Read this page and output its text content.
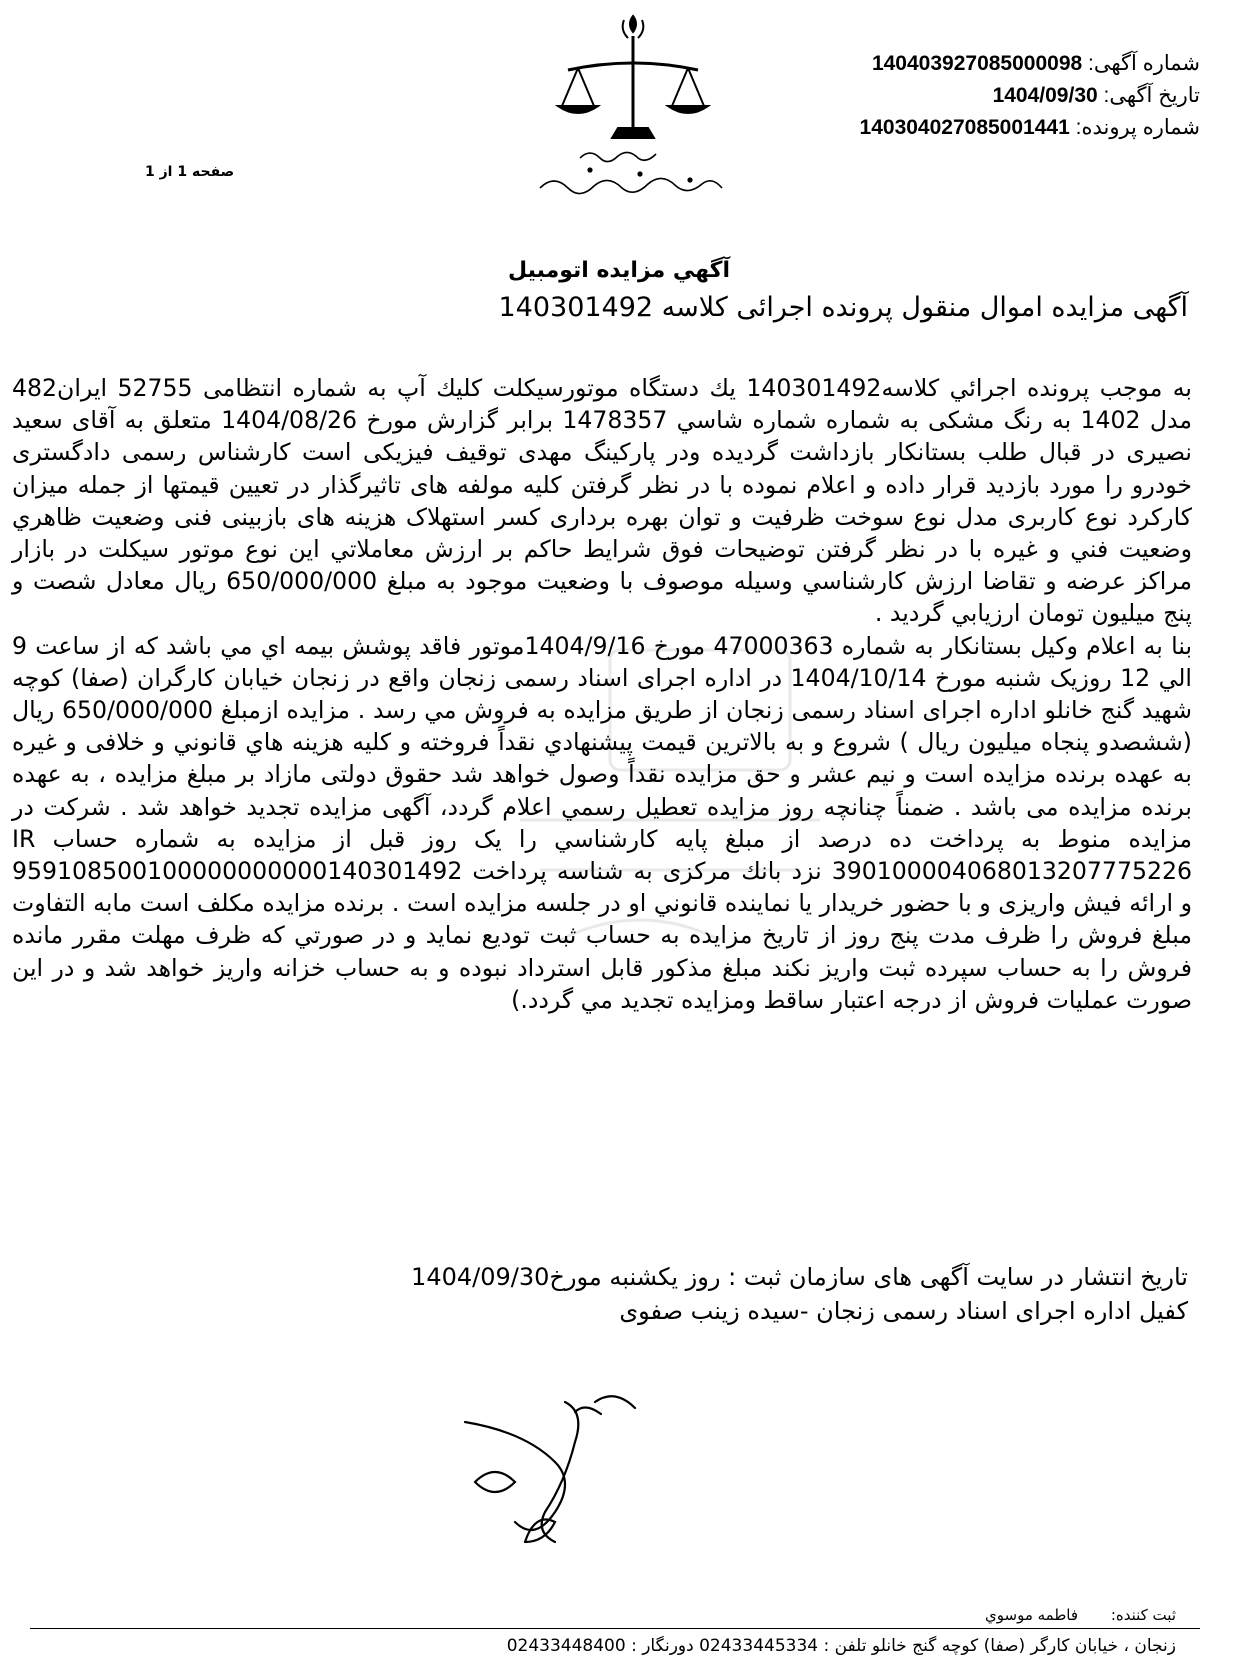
شماره آگهی: 140403927085000098
تاریخ آگهی: 1404/09/30
شماره پرونده: 14030402708500144‌1
صفحه 1 از 1
آگهي مزايده اتومبيل
آگهی مزایده اموال منقول پرونده اجرائی کلاسه 140301492

به موجب پرونده اجرائي كلاسه140301492 يك دستگاه موتورسيكلت كليك آپ به شماره انتظامی 52755 ایران482 مدل 1402 به رنگ مشکی به شماره شماره شاسي 1478357 برابر گزارش مورخ 1404/08/26 متعلق به آقای سعید نصیری در قبال طلب بستانكار بازداشت گرديده ودر پاركينگ مهدی توقيف فيزيكی است كارشناس رسمی دادگستری خودرو را مورد بازديد قرار داده و اعلام نموده با در نظر گرفتن كليه مولفه های تاثيرگذار در تعيين قيمتها از جمله ميزان كاركرد نوع كاربری مدل نوع سوخت ظرفيت و توان بهره برداری کسر استهلاک هزینه های بازبینی فنی وضعيت ظاهري وضعيت فني و غيره با در نظر گرفتن توضيحات فوق شرايط حاكم بر ارزش معاملاتي اين نوع موتور سيكلت در بازار مراكز عرضه و تقاضا ارزش كارشناسي وسيله موصوف با وضعيت موجود به مبلغ 650/000/000 ريال معادل شصت و پنج ميليون تومان ارزيابي گرديد .

بنا به اعلام وكيل بستانكار به شماره 47000363 مورخ 1404/9/16موتور فاقد پوشش بيمه اي مي باشد كه از ساعت 9 الي 12 روزيک شنبه مورخ 1404/10/14 در اداره اجرای اسناد رسمی زنجان واقع در زنجان خيابان كارگران (صفا) كوچه شهيد گنج خانلو اداره اجرای اسناد رسمی زنجان از طريق مزايده به فروش مي رسد . مزايده ازمبلغ 650/000/000 ريال (ششصدو پنجاه ميليون ريال ) شروع و به بالاترين قيمت پيشنهادي نقداً فروخته و كليه هزينه هاي قانوني و خلافی و غيره به عهده برنده مزايده است و نيم عشر و حق مزايده نقداً وصول خواهد شد حقوق دولتی مازاد بر مبلغ مزایده ، به عهده برنده مزایده می باشد . ضمناً چنانچه روز مزايده تعطيل رسمي اعلام گردد، آگهی مزايده تجديد خواهد شد . شركت در مزايده منوط به پرداخت ده درصد از مبلغ پايه كارشناسي را يک روز قبل از مزایده به شماره حساب IR 390100004068013207775226 نزد بانك مرکزی به شناسه پرداخت 959108500100000000000140301492 و ارائه فیش واریزی و با حضور خريدار يا نماينده قانوني او در جلسه مزايده است . برنده مزايده مكلف است مابه التفاوت مبلغ فروش را ظرف مدت پنج روز از تاريخ مزايده به حساب ثبت توديع نمايد و در صورتي كه ظرف مهلت مقرر مانده فروش را به حساب سپرده ثبت واريز نكند مبلغ مذكور قابل استرداد نبوده و به حساب خزانه واريز خواهد شد و در اين صورت عمليات فروش از درجه اعتبار ساقط ومزايده تجديد مي گردد.)

تاريخ انتشار در سایت آگهی های سازمان ثبت : روز یکشنبه مورخ1404/09/30
كفيل اداره اجرای اسناد رسمی زنجان -سیده زینب صفوی
ثبت کننده: فاطمه موسوي
زنجان ، خيابان كارگر (صفا) كوچه گنج خانلو تلفن : 02433445334 دورنگار : 02433448400
